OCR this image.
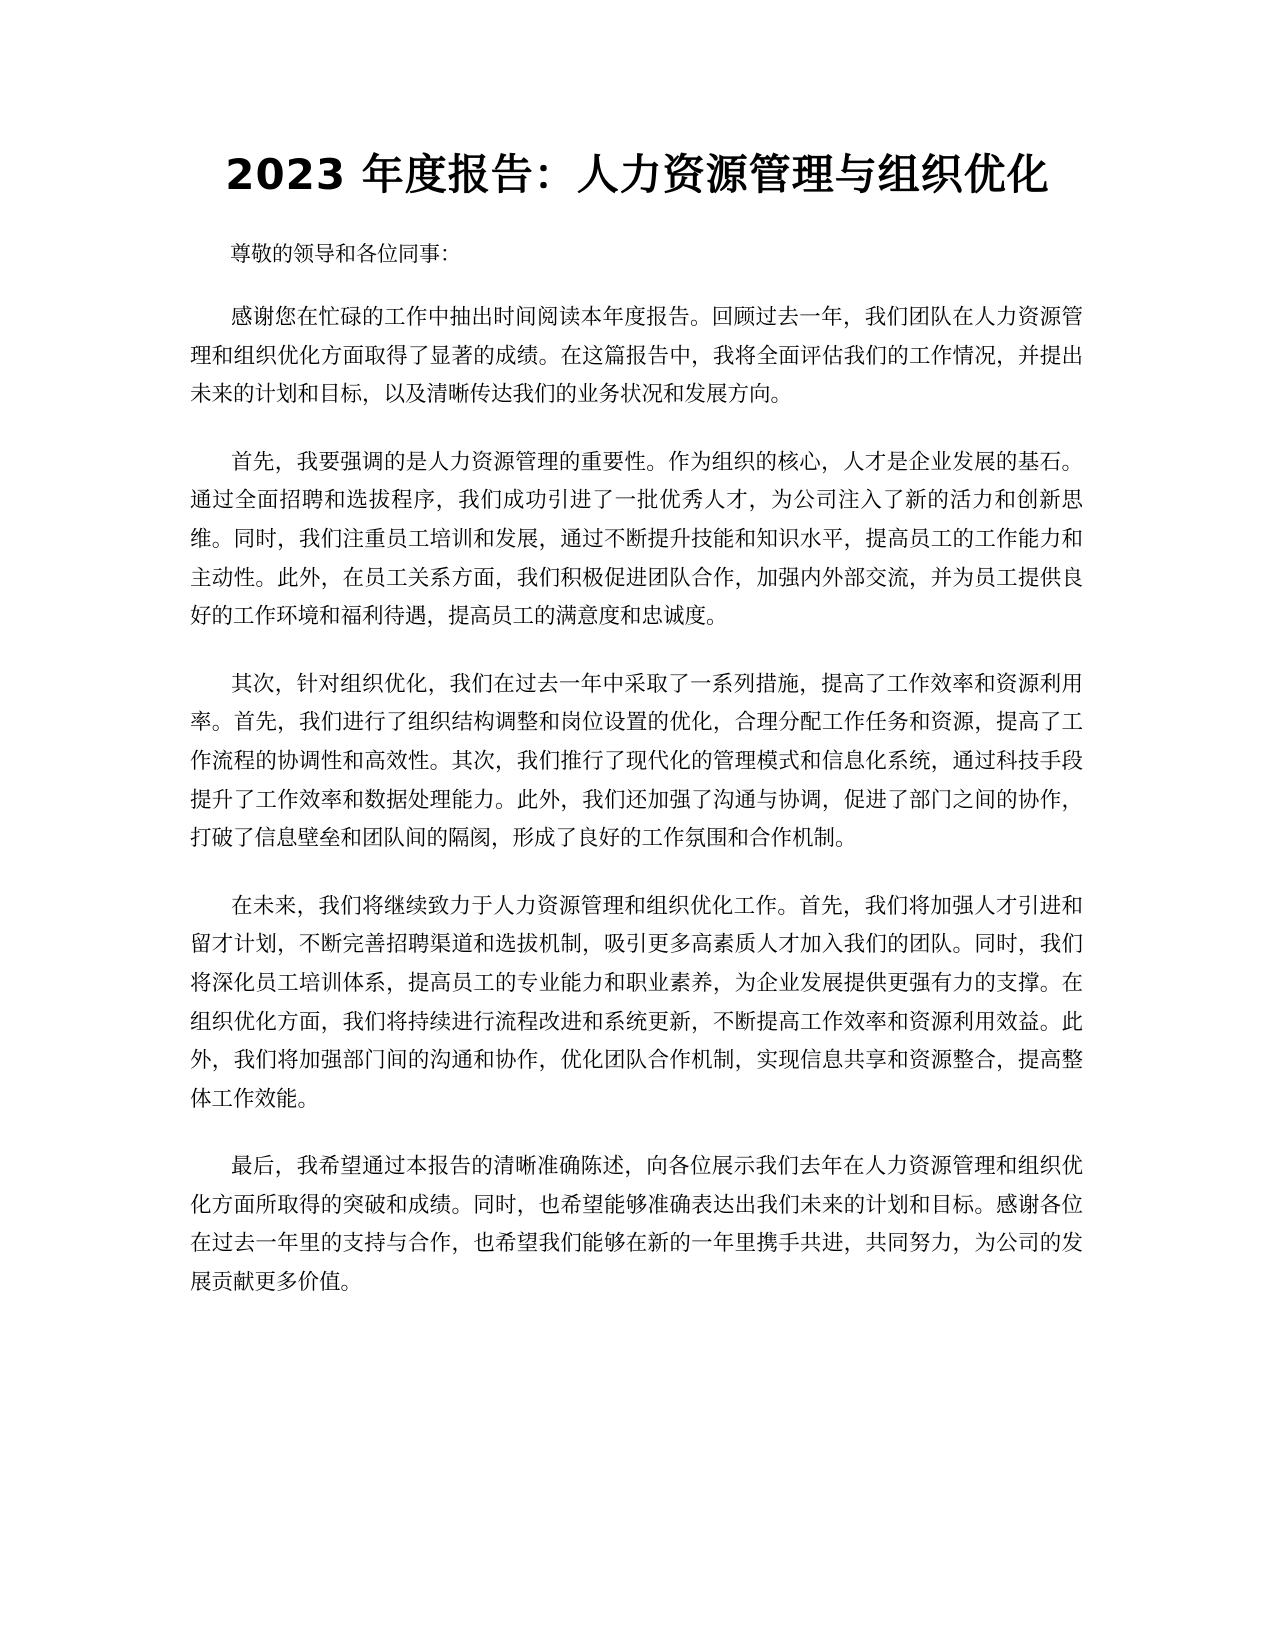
2023 年度报告：人力资源管理与组织优化

尊敬的领导和各位同事：

感谢您在忙碌的工作中抽出时间阅读本年度报告。回顾过去一年，我们团队在人力资源管理和组织优化方面取得了显著的成绩。在这篇报告中，我将全面评估我们的工作情况，并提出未来的计划和目标，以及清晰传达我们的业务状况和发展方向。

首先，我要强调的是人力资源管理的重要性。作为组织的核心，人才是企业发展的基石。通过全面招聘和选拔程序，我们成功引进了一批优秀人才，为公司注入了新的活力和创新思维。同时，我们注重员工培训和发展，通过不断提升技能和知识水平，提高员工的工作能力和主动性。此外，在员工关系方面，我们积极促进团队合作，加强内外部交流，并为员工提供良好的工作环境和福利待遇，提高员工的满意度和忠诚度。

其次，针对组织优化，我们在过去一年中采取了一系列措施，提高了工作效率和资源利用率。首先，我们进行了组织结构调整和岗位设置的优化，合理分配工作任务和资源，提高了工作流程的协调性和高效性。其次，我们推行了现代化的管理模式和信息化系统，通过科技手段提升了工作效率和数据处理能力。此外，我们还加强了沟通与协调，促进了部门之间的协作，打破了信息壁垒和团队间的隔阂，形成了良好的工作氛围和合作机制。

在未来，我们将继续致力于人力资源管理和组织优化工作。首先，我们将加强人才引进和留才计划，不断完善招聘渠道和选拔机制，吸引更多高素质人才加入我们的团队。同时，我们将深化员工培训体系，提高员工的专业能力和职业素养，为企业发展提供更强有力的支撑。在组织优化方面，我们将持续进行流程改进和系统更新，不断提高工作效率和资源利用效益。此外，我们将加强部门间的沟通和协作，优化团队合作机制，实现信息共享和资源整合，提高整体工作效能。

最后，我希望通过本报告的清晰准确陈述，向各位展示我们去年在人力资源管理和组织优化方面所取得的突破和成绩。同时，也希望能够准确表达出我们未来的计划和目标。感谢各位在过去一年里的支持与合作，也希望我们能够在新的一年里携手共进，共同努力，为公司的发展贡献更多价值。
